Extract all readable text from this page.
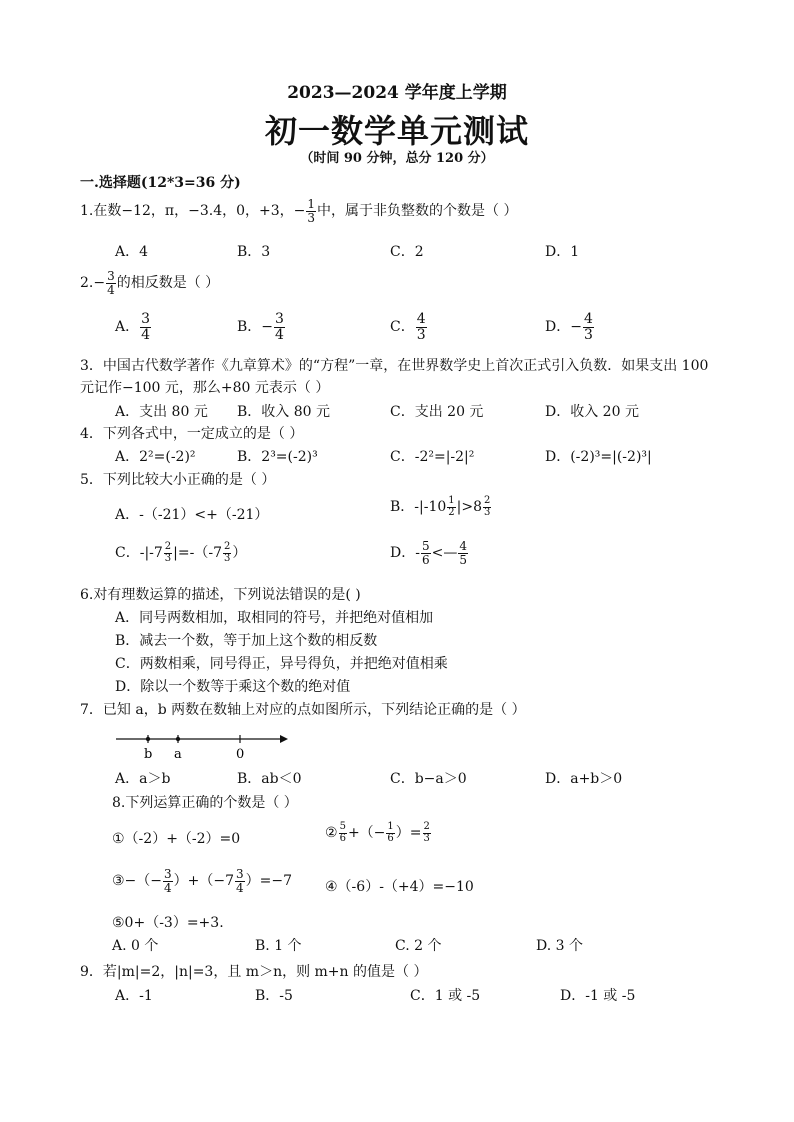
2023—2024 学年度上学期
初一数学单元测试
（时间 90 分钟，总分 120 分）
一.选择题(12*3=36 分)
1.在数−12，π，−3.4，0，+3，− $\frac{1}{3}$ 中，属于非负整数的个数是（ ）
A．4	B．3	C．2	D．1
$2.- \frac{3}{4}$ 的相反数是（ ）
A． $\frac{3}{4}$	B．− $\frac{3}{4}$	C． $\frac{4}{3}$	D．− $\frac{4}{3}$
3．中国古代数学著作《九章算术》的“方程”一章，在世界数学史上首次正式引入负数．如果支出 100
元记作−100 元，那么+80 元表示（ ）
A．支出 80 元 B．收入 80 元	C．支出 20 元	D．收入 20 元
4．下列各式中，一定成立的是（ ）
A．2²=(-2)²	B．2³=(-2)³	C．-2²=|-2|²	D．(-2)³=|(-2)³|
5．下列比较大小正确的是（ ）
A．-（-21）<+（-21）	B．$-|-10 \frac{1}{2} |>8 \frac{2}{3}$
C．$-|-7 \frac{2}{3} |=-(-7 \frac{2}{3}$ ）	D．- $\frac{5}{6}$ <— $\frac{4}{5}$
6.对有理数运算的描述，下列说法错误的是( )
A．同号两数相加，取相同的符号，并把绝对值相加
B．减去一个数，等于加上这个数的相反数
C．两数相乘，同号得正，异号得负，并把绝对值相乘
D．除以一个数等于乘这个数的绝对值
7．已知 a，b 两数在数轴上对应的点如图所示，下列结论正确的是（ ）
b a	0
A．a＞b	B．ab＜0	C．b−a＞0	D．a+b＞0
8.下列运算正确的个数是（ ）
①（-2）+（-2）=0	② $\frac{5}{6}$ +（− $\frac{1}{6}$ ）= $\frac{2}{3}$
③−（− $\frac{3}{4} )+(-7 \frac{3}{4} )=-7$ ④（-6）-（+4）=−10
⑤0+（-3）=+3.
A. 0 个	B. 1 个	C. 2 个	D. 3 个
9．若|m|=2，|n|=3，且 m＞n，则 m+n 的值是（ ）
A．-1	B．-5	C．1 或 -5	D．-1 或 -5
